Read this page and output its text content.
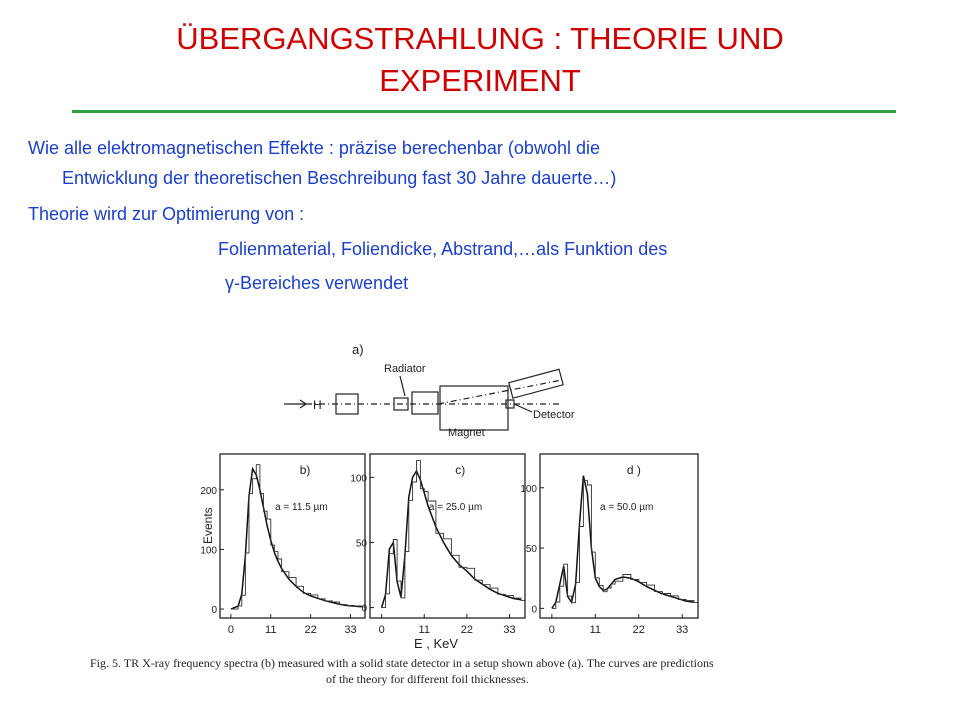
ÜBERGANGSTRAHLUNG : THEORIE UND
EXPERIMENT
Wie alle elektromagnetischen Effekte : präzise berechenbar (obwohl die
Entwicklung der theoretischen Beschreibung fast 30 Jahre dauerte…)
Theorie wird zur Optimierung von :
Folienmaterial, Foliendicke, Abstrand,…als Funktion des
γ-Bereiches verwendet
a)
Radiator
Detector
Magnet
H
0	11	22	33
0
100
200
b)
a = 11.5 µm
0	11	22	33
0
50
100
c)
a = 25.0 µm
0	11	22	33
0
50
100
d )
a = 50.0 µm
Events
E , KeV
Fig. 5. TR X-ray frequency spectra (b) measured with a solid state detector in a setup shown above (a). The curves are predictions
of the theory for different foil thicknesses.
